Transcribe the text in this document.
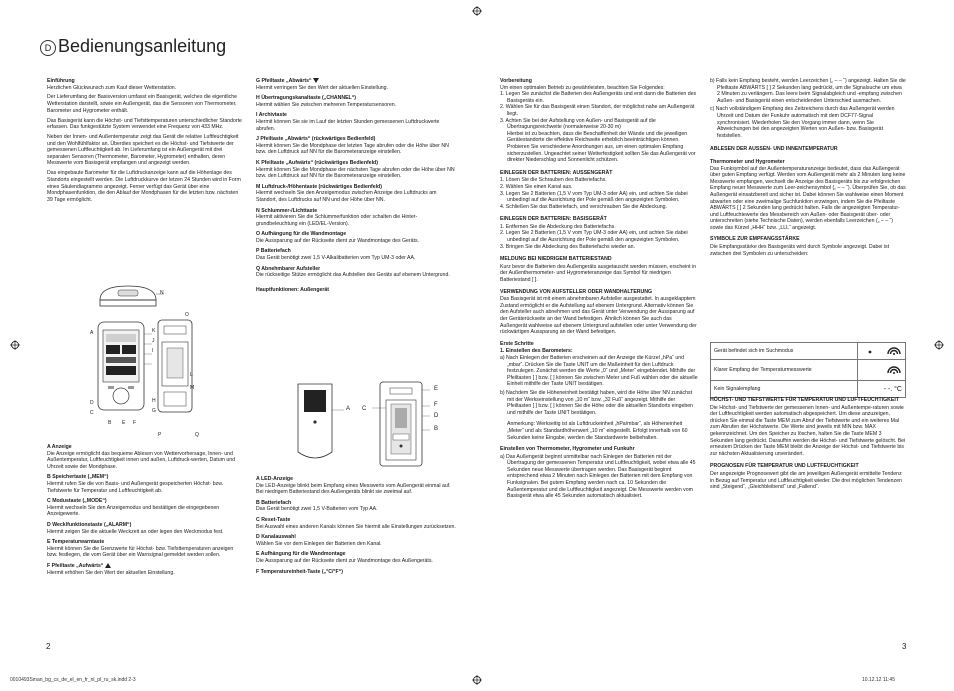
D Bedienungsanleitung

Einführung

Herzlichen Glückwunsch zum Kauf dieser Wetterstation.

Der Lieferumfang der Basisversion umfasst ein Basisgerät, welches die eigentliche Wetterstation darstellt, sowie ein Außengerät, das die Sensoren von Thermometer, Barometer und Hygrometer enthält.

Das Basisgerät kann die Höchst- und Tiefsttemperaturen unterschiedlicher Standorte erfassen. Das funkgestützte System verwendet eine Frequenz von 433 MHz.

Neben der Innen- und Außentemperatur zeigt das Gerät die relative Luftfeuchtigkeit und den Wohlfühlfaktor an. Überdies speichert es die Höchst- und Tiefstwerte der gemessenen Luftfeuchtigkeit ab. Im Lieferumfang ist ein Außengerät mit drei separaten Sensoren (Thermometer, Barometer, Hygrometer) enthalten, deren Messwerte vom Basisgerät empfangen und angezeigt werden.

Das eingebaute Barometer für die Luftdruckanzeige kann auf die Höhenlage des Standorts eingestellt werden. Die Luftdruckkurve der letzen 24 Stunden wird in Form eines Säulendiagramms angezeigt. Ferner verfügt das Gerät über eine Mondphasenfunktion, die den Ablauf der Mondphasen für die letzten bzw. nächsten 39 Tage ermöglicht.

N
O
K
J
I
H
G
A
D
C
B E F
L
M
P	Q

A Anzeige

Die Anzeige ermöglicht das bequeme Ablesen von Wettervorhersage, Innen- und Außentemperatur, Luftfeuchtigkeit innen und außen, Luftdruck-werten, Datum und Uhrzeit sowie der Mondphase.

B Speichertaste („MEM“)

Hiermit rufen Sie die von Basis- und Außengerät gespeicherten Höchst- bzw. Tiefstwerte für Temperatur und Luftfeuchtigkeit ab.

C Modustaste („MODE“)

Hiermit wechseln Sie den Anzeigemodus und bestätigen die eingegebenen Anzeigewerte.

D Wecklfunktionstaste („ALARM“)

Hiermit zeigen Sie die aktuelle Weckzeit an oder legen den Weckmodus fest.

E Temperaturwarntaste

Hiermit können Sie die Grenzwerte für Höchst- bzw. Tiefsttemperaturen anzeigen bzw. festlegen, die vom Gerät über ein Warnsignal gemeldet werden sollen.

F Pfeiltaste „Aufwärts“

Hiermit erhöhen Sie den Wert der aktuellen Einstellung.

G Pfeiltaste „Abwärts“

Hiermit verringern Sie den Wert der aktuellen Einstellung.

H Übertragungskanaltaste („CHANNEL“)

Hiermit wählen Sie zwischen mehreren Temperatursensoren.

I Archivtaste

Hiermit können Sie sie im Lauf der letzten Stunden gemessenen Luftdruckwerte abrufen.

J Pfeiltaste „Abwärts“ (rückwärtiges Bedienfeld)

Hiermit können Sie die Mondphase der letzten Tage abrufen oder die Höhe über NN bzw. den Luftdruck auf NN für die Barometeranzeige einstellen.

K Pfeiltaste „Aufwärts“ (rückwärtiges Bedienfeld)

Hiermit können Sie die Mondphase der nächsten Tage abrufen oder die Höhe über NN bzw. den Luftdruck auf NN für die Barometeranzeige einstellen.

M Luftdruck-/Höhentaste (rückwärtiges Bedienfeld)

Hiermit wechseln Sie den Anzeigemodus zwischen Anzeige des Luftdrucks am Standort, des Luftdrucks auf NN und der Höhe über NN.

N Schlummer-/Lichttaste

Hiermit aktivieren Sie die Schlummerfunktion oder schalten die Hinter-grundbeleuchtung ein (LED/EL-Version).

O Aufhängung für die Wandmontage

Die Aussparung auf der Rückseite dient zur Wandmontage des Geräts.

P Batteriefach

Das Gerät benötigt zwei 1,5 V-Alkalibatterien vom Typ UM-3 oder AA.

Q Abnehmbarer Aufsteller

Die rückseitige Stütze ermöglicht das Aufstellen des Geräts auf ebenem Untergrund.

Hauptfunktionen: Außengerät

A C
E
F
D
B

A LED-Anzeige

Die LED-Anzeige blinkt beim Empfang eines Messwerts vom Außengerät einmal auf. Bei niedrigem Batteriestand des Außengeräts blinkt sie zweimal auf.

B Batteriefach

Das Gerät benötigt zwei 1,5 V-Batterien vom Typ AA.

C Reset-Taste

Bei Auswahl eines anderen Kanals können Sie hiermit alle Einstellungen zurücksetzen.

D Kanalauswahl

Wählen Sie vor dem Einlegen der Batterien den Kanal.

E Aufhängung für die Wandmontage

Die Aussparung auf der Rückseite dient zur Wandmontage des Außengeräts.

F Temperatureinheit-Taste („°C/°F“)

Vorbereitung

Um einen optimalen Betrieb zu gewährleisten, beachten Sie Folgendes:

1. Legen Sie zunächst die Batterien des Außengeräts und erst dann die Batterien des Basisgeräts ein.
2. Wählen Sie für das Basisgerät einen Standort, der möglichst nahe am Außengerät liegt.
3. Achten Sie bei der Aufstellung von Außen- und Basisgerät auf die Übertragungsreichweite (normalerweise 20-30 m)
Hierbei ist zu beachten, dass die Beschaffenheit der Wände und die jeweiligen Gerätestandorte die effektive Reichweite erheblich beeinträchtigen können. Probieren Sie verschiedene Anordnungen aus, um einen optimalen Empfang sicherzustellen. Ungeachtet seiner Wetterfestigkeit sollten Sie das Außengerät vor direkter Niederschlag und Sonnenlicht schützen.

EINLEGEN DER BATTERIEN: AUSSENGERÄT

1. Lösen Sie die Schrauben des Batteriefachs.
2. Wählen Sie einen Kanal aus.
3. Legen Sie 2 Batterien (1,5 V vom Typ UM-3 oder AA) ein, und achten Sie dabei unbedingt auf die Ausrichtung der Pole gemäß den angezeigten Symbolen.
4. Schließen Sie das Batteriefach, und verschrauben Sie die Abdeckung.

EINLEGEN DER BATTERIEN: BASISGERÄT

1. Entfernen Sie die Abdeckung des Batteriefachs.
2. Legen Sie 2 Batterien (1,5 V vom Typ UM-3 oder AA) ein, und achten Sie dabei unbedingt auf die Ausrichtung der Pole gemäß den angezeigten Symbolen.
3. Bringen Sie die Abdeckung des Batteriefachs wieder an.

MELDUNG BEI NIEDRIGEM BATTERIESTAND

Kurz bevor die Batterien des Außengeräts ausgetauscht werden müssen, erscheint in der Außenthermometer- und Hygrometeranzeige das Symbol für niedrigen Batteriestand [ ].

VERWENDUNG VON AUFSTELLER ODER WANDHALTERUNG

Das Basisgerät ist mit einem abnehmbaren Aufsteller ausgestattet. In ausgeklapptem Zustand ermöglicht er die Aufstellung auf ebenem Untergrund. Alternativ können Sie den Aufsteller auch abnehmen und das Gerät unter Verwendung der Aussparung auf der Geräterückseite an der Wand befestigen. Ähnlich können Sie auch das Außengerät wahlweise auf ebenem Untergrund aufstellen oder unter Verwendung der rückwärtigen Aussparung an der Wand befestigen.

Erste Schritte

1. Einstellen des Barometers:

a) Nach Einlegen der Batterien erscheinen auf der Anzeige die Kürzel „hPa“ und „mbar“. Drücken Sie die Taste UNIT um die Maßeinheit für den Luftdruck festzulegen. Zunächst werden die Werte „0“ und „Meter“ eingeblendet. Mithilfe der Pfeiltasten [ ] bzw. [ ] können Sie zwischen Meter und Fuß wählen oder die aktuelle Einheit mithilfe der Taste UNIT bestätigen.
b) Nachdem Sie die Höheneinheit bestätigt haben, wird die Höhe über NN zunächst mit der Werkseinstellung von „10 m“ bzw. „32 Fuß“ angezeigt. Mithilfe der Pfeiltasten [ ] bzw. [ ] können Sie die Höhe oder die aktuellen Standorts eingeben und mithilfe der Taste UNIT bestätigen.

Anmerkung: Werkseitig ist als Luftdruckeinheit „hPa/mbar“, als Höheneinheit „Meter“ und als Standardhöhenwert „10 m“ eingestellt. Erfolgt innerhalb von 60 Sekunden keine Eingabe, werden die Standardwerte beibehalten.

Einstellen von Thermometer, Hygrometer und Funkuhr

a) Das Außengerät beginnt unmittelbar nach Einlegen der Batterien mit der Übertragung der gemessenen Temperatur und Luftfeuchtigkeit, wobei etwa alle 45 Sekunden neue Messwerte übertragen werden. Das Basisgerät beginnt entsprechend etwa 2 Minuten nach Einlegen der Batterien mit dem Empfang von Funksignalen. Bei gutem Empfang werden nach ca. 10 Sekunden die Außentemperatur und die Luftfeuchtigkeit angezeigt. Die Messwerte werden vom Basisgerät etwa alle 45 Sekunden automatisch aktualisiert.
b) Falls kein Empfang besteht, werden Leerzeichen („ ‒ ‒ “) angezeigt. Halten Sie die Pfeiltaste ABWÄRTS [ ] 2 Sekunden lang gedrückt, um die Signalsuche um etwa 2 Minuten zu verlängern. Das leere beim Signalabgleich und -empfang zwischen Außen- und Basisgerät einen entscheidenden Unterschied ausmachen.
c) Nach vollständigem Empfang des Zeitzeichens durch das Außengerät werden Uhrzeit und Datum der Funkuhr automatisch mit dem DCF77-Signal synchronisiert. Wiederholen Sie den Vorgang immer dann, wenn Sie Abweichungen bei den angezeigten Werten von Außen- bzw. Basisgerät feststellen.

ABLESEN DER AUSSEN- UND INNENTEMPERATUR

Thermometer und Hygrometer

Das Funksymbol auf der Außentemperaturanzeige bedeutet, dass das Außengerät über guten Empfang verfügt. Werden vom Außengerät mehr als 2 Minuten lang keine Messwerte empfangen, wechselt die Anzeige des Basisgeräts bis zur erfolgreichen Empfang neuer Messwerte zum Leer-zeichensymbol („ ‒ ‒ “). Überprüfen Sie, ob das Außengerät einsatzbereit und sicher ist. Dabei können Sie wahlweise einen Moment abwarten oder eine zweimalige Suchfunktion erzwingen, indem Sie die Pfeiltaste ABWÄRTS [ ] 2 Sekunden lang gedrückt halten. Falls die angezeigten Temperatur- und Luftfeuchtewerte des Messbereich von Außen- oder Basisgerät über- oder unterschreiten (siehe Technische Daten), werden ebenfalls Leerzeichen („ ‒ ‒ “) sowie das Kürzel „HHH“ bzw. „LLL“ angezeigt.

SYMBOLE ZUR EMPFANGSSTÄRKE

Die Empfangsstärke des Basisgeräts wird durch Symbole angezeigt. Dabei ist zwischen drei Symbolen zu unterscheiden:

Gerät befindet sich im Suchmodus	
Klarer Empfang der Temperaturmesswerte	
Kein Signalempfang	- -. °C

HÖCHST- UND TIEFSTWERTE FÜR TEMPERATUR UND LUFTFEUCHTIGKEIT

Die Höchst- und Tiefstwerte der gemessenen Innen- und Außentempe-raturen sowie der Luftfeuchtigkeit werden automatisch abgespeichert. Um diese anzuzeigen, drücken Sie einmal die Taste MEM zum Abruf der Tiefstwerte und ein weiteres Mal zum Abrufen der Höchstwerte. Die Werte sind jeweils mit MIN bzw. MAX gekennzeichnet. Um den Speicher zu löschen, halten Sie die Taste MEM 3 Sekunden lang gedrückt. Daraufhin werden die Höchst- und Tiefstwerte gelöscht. Bei erneutem Drücken der Taste MEM bleibt die Anzeige der Höchst- und Tiefstwerte bis zur nächsten Aktualisierung unverändert.

PROGNOSEN FÜR TEMPERATUR UND LUFTFEUCHTIGKEIT

Der angezeigte Prognosewert gibt die am jeweiligen Außengerät ermittelte Tendenz in Bezug auf Temperatur und Luftfeuchtigkeit wieder. Die drei möglichen Tendenzen sind „Steigend“, „Gleichbleibend“ und „Fallend“.

2	3
0010493Sman_bg_cs_de_el_en_fr_nl_pl_ru_sk.indd 2-3	10.12.12 11:45
